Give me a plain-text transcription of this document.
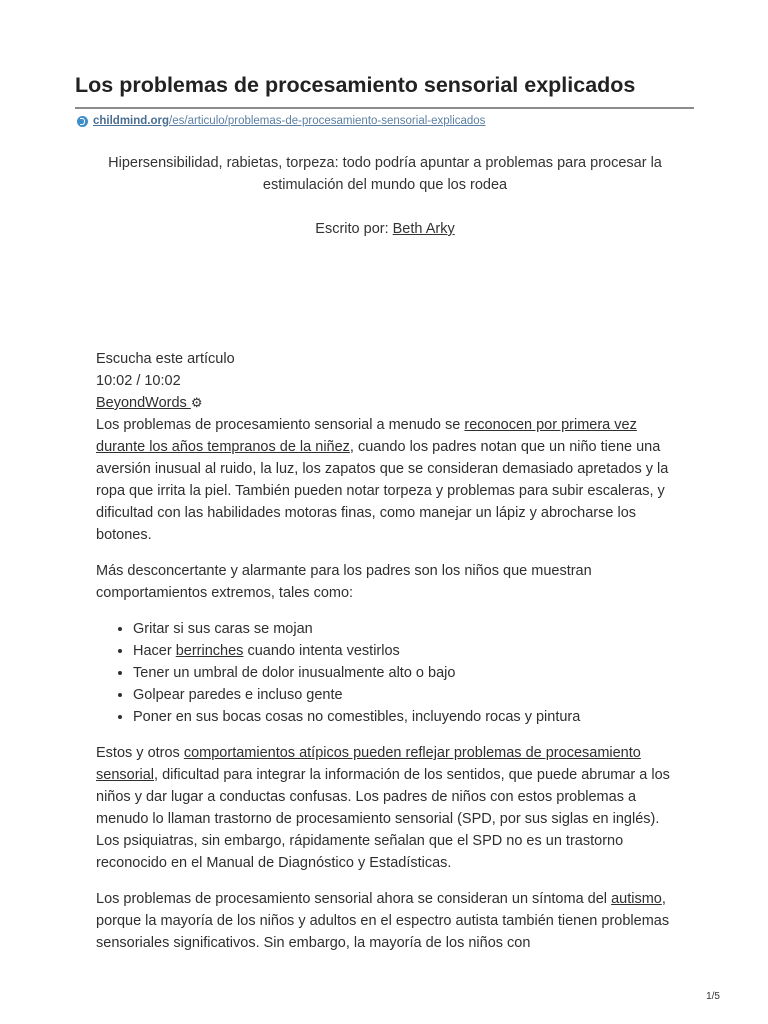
Los problemas de procesamiento sensorial explicados
childmind.org /es/articulo/ problemas-de-procesamiento-sensorial-explicados
Hipersensibilidad, rabietas, torpeza: todo podría apuntar a problemas para procesar la estimulación del mundo que los rodea
Escrito por: Beth Arky
Escucha este artículo
10:02 / 10:02
BeyondWords ⚙

Los problemas de procesamiento sensorial a menudo se reconocen por primera vez durante los años tempranos de la niñez, cuando los padres notan que un niño tiene una aversión inusual al ruido, la luz, los zapatos que se consideran demasiado apretados y la ropa que irrita la piel. También pueden notar torpeza y problemas para subir escaleras, y dificultad con las habilidades motoras finas, como manejar un lápiz y abrocharse los botones.

Más desconcertante y alarmante para los padres son los niños que muestran comportamientos extremos, tales como:

• Gritar si sus caras se mojan
• Hacer berrinches cuando intenta vestirlos
• Tener un umbral de dolor inusualmente alto o bajo
• Golpear paredes e incluso gente
• Poner en sus bocas cosas no comestibles, incluyendo rocas y pintura

Estos y otros comportamientos atípicos pueden reflejar problemas de procesamiento sensorial, dificultad para integrar la información de los sentidos, que puede abrumar a los niños y dar lugar a conductas confusas. Los padres de niños con estos problemas a menudo lo llaman trastorno de procesamiento sensorial (SPD, por sus siglas en inglés). Los psiquiatras, sin embargo, rápidamente señalan que el SPD no es un trastorno reconocido en el Manual de Diagnóstico y Estadísticas.

Los problemas de procesamiento sensorial ahora se consideran un síntoma del autismo, porque la mayoría de los niños y adultos en el espectro autista también tienen problemas sensoriales significativos. Sin embargo, la mayoría de los niños con

1/5
